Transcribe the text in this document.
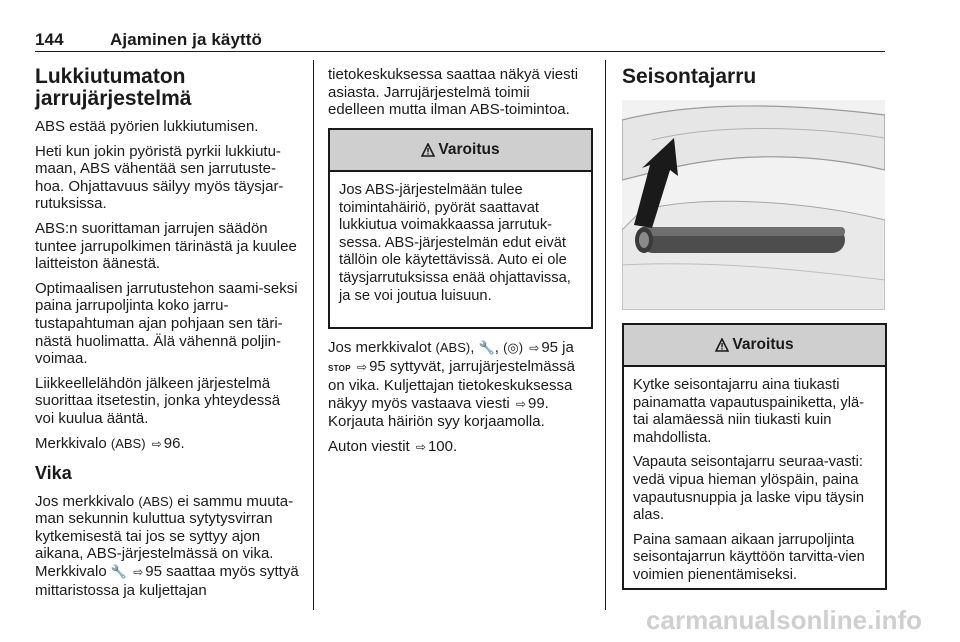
144	Ajaminen ja käyttö
Lukkiutumaton jarrujärjestelmä

ABS estää pyörien lukkiutumisen.

Heti kun jokin pyöristä pyrkii lukkiutu-maan, ABS vähentää sen jarrutuste-hoa. Ohjattavuus säilyy myös täysjar-rutuksissa.

ABS:n suorittaman jarrujen säädön tuntee jarrupolkimen tärinästä ja kuulee laitteiston äänestä.

Optimaalisen jarrutustehon saami-seksi paina jarrupoljinta koko jarru-tustapahtuman ajan pohjaan sen täri-nästä huolimatta. Älä vähennä poljin-voimaa.

Liikkeellelähdön jälkeen järjestelmä suorittaa itsetestin, jonka yhteydessä voi kuulua ääntä.

Merkkivalo (ABS) ⇨ 96.

Vika

Jos merkkivalo (ABS) ei sammu muuta-man sekunnin kuluttua sytytysvirran kytkemisestä tai jos se syttyy ajon aikana, ABS-järjestelmässä on vika. Merkkivalo 🔧 ⇨ 95 saattaa myös syttyä mittaristossa ja kuljettajan

tietokeskuksessa saattaa näkyä viesti asiasta. Jarrujärjestelmä toimii edelleen mutta ilman ABS-toimintoa.

Varoitus

Jos ABS-järjestelmään tulee toimintahäiriö, pyörät saattavat lukkiutua voimakkaassa jarrutuk-sessa. ABS-järjestelmän edut eivät tällöin ole käytettävissä. Auto ei ole täysjarrutuksissa enää ohjattavissa, ja se voi joutua luisuun.

Jos merkkivalot (ABS), 🔧, (◎) ⇨ 95 ja STOP ⇨ 95 syttyvät, jarrujärjestelmässä on vika. Kuljettajan tietokeskuksessa näkyy myös vastaava viesti ⇨ 99. Korjauta häiriön syy korjaamolla.

Auton viestit ⇨ 100.

Seisontajarru
Varoitus

Kytke seisontajarru aina tiukasti painamatta vapautuspainiketta, ylä- tai alamäessä niin tiukasti kuin mahdollista.

Vapauta seisontajarru seuraa-vasti: vedä vipua hieman ylöspäin, paina vapautusnuppia ja laske vipu täysin alas.

Paina samaan aikaan jarrupoljinta seisontajarrun käyttöön tarvitta-vien voimien pienentämiseksi.

carmanualsonline.info
